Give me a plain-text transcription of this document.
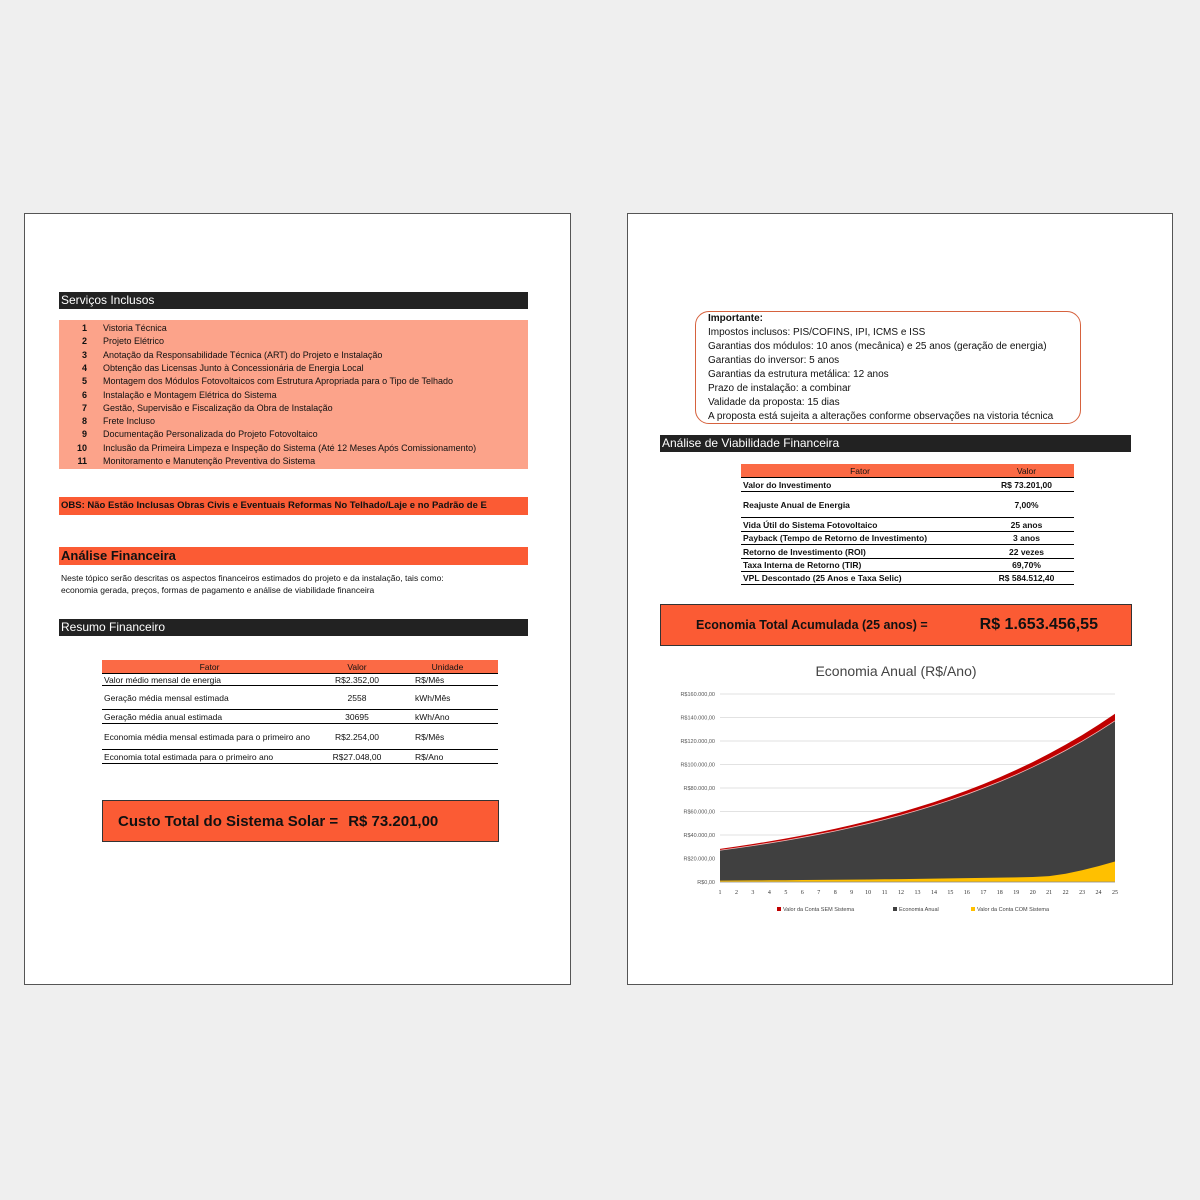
Serviços Inclusos
1 Vistoria Técnica
2 Projeto Elétrico
3 Anotação da Responsabilidade Técnica (ART) do Projeto e Instalação
4 Obtenção das Licensas Junto à Concessionária de Energia Local
5 Montagem dos Módulos Fotovoltaicos com Estrutura Apropriada para o Tipo de Telhado
6 Instalação e Montagem Elétrica do Sistema
7 Gestão, Supervisão e Fiscalização da Obra de Instalação
8 Frete Incluso
9 Documentação Personalizada do Projeto Fotovoltaico
10 Inclusão da Primeira Limpeza e Inspeção do Sistema (Até 12 Meses Após Comissionamento)
11 Monitoramento e Manutenção Preventiva do Sistema
OBS: Não Estão Inclusas Obras Civis e Eventuais Reformas No Telhado/Laje e no Padrão de E
Análise Financeira
Neste tópico serão descritas os aspectos financeiros estimados do projeto e da instalação, tais como:
economia gerada, preços, formas de pagamento e análise de viabilidade financeira
Resumo Financeiro
Fator	Valor	Unidade
Valor médio mensal de energia	R$2.352,00	R$/Mês
Geração média mensal estimada	2558	kWh/Mês
Geração média anual estimada	30695	kWh/Ano
Economia média mensal estimada para o primeiro ano	R$2.254,00	R$/Mês
Economia total estimada para o primeiro ano	R$27.048,00	R$/Ano
Custo Total do Sistema Solar = R$ 73.201,00
Importante:
Impostos inclusos: PIS/COFINS, IPI, ICMS e ISS
Garantias dos módulos: 10 anos (mecânica) e 25 anos (geração de energia)
Garantias do inversor: 5 anos
Garantias da estrutura metálica: 12 anos
Prazo de instalação: a combinar
Validade da proposta: 15 dias
A proposta está sujeita a alterações conforme observações na vistoria técnica
Análise de Viabilidade Financeira
Fator	Valor
Valor do Investimento	R$ 73.201,00
Reajuste Anual de Energia	7,00%
Vida Útil do Sistema Fotovoltaico	25 anos
Payback (Tempo de Retorno de Investimento)	3 anos
Retorno de Investimento (ROI)	22 vezes
Taxa Interna de Retorno (TIR)	69,70%
VPL Descontado (25 Anos e Taxa Selic)	R$ 584.512,40
Economia Total Acumulada (25 anos) =	R$ 1.653.456,55
Economia Anual (R$/Ano)
R$0,00
R$20.000,00
R$40.000,00
R$60.000,00
R$80.000,00
R$100.000,00
R$120.000,00
R$140.000,00
R$160.000,00
1 2 3 4 5 6 7 8 9 10 11 12 13 14 15 16 17 18 19 20 21 22 23 24 25
Valor da Conta SEM Sistema	Economia Anual	Valor da Conta COM Sistema
